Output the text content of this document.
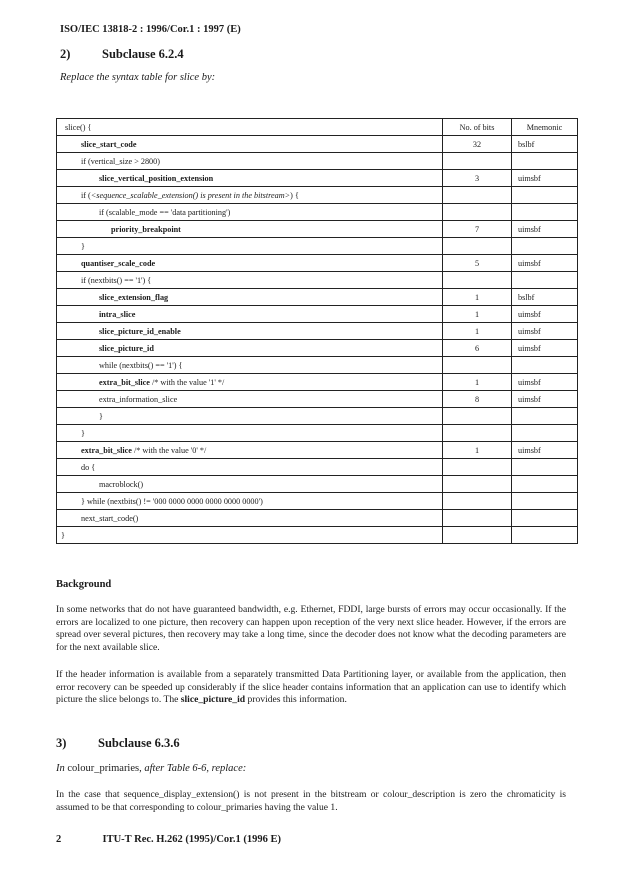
ISO/IEC 13818-2 : 1996/Cor.1 : 1997 (E)
2)	Subclause 6.2.4
Replace the syntax table for slice by:
slice() {	No. of bits	Mnemonic
slice_start_code	32	bslbf
if (vertical_size > 2800)		
slice_vertical_position_extension	3	uimsbf
if (<sequence_scalable_extension() is present in the bitstream>) {		
if (scalable_mode == 'data partitioning')		
priority_breakpoint	7	uimsbf
}		
quantiser_scale_code	5	uimsbf
if (nextbits() == '1') {		
slice_extension_flag	1	bslbf
intra_slice	1	uimsbf
slice_picture_id_enable	1	uimsbf
slice_picture_id	6	uimsbf
while (nextbits() == '1') {		
extra_bit_slice /* with the value '1' */	1	uimsbf
extra_information_slice	8	uimsbf
}		
}		
extra_bit_slice /* with the value '0' */	1	uimsbf
do {		
macroblock()		
} while (nextbits() != '000 0000 0000 0000 0000 0000')		
next_start_code()		
}		
Background
In some networks that do not have guaranteed bandwidth, e.g. Ethernet, FDDI, large bursts of errors may occur occasionally. If the errors are localized to one picture, then recovery can happen upon reception of the very next slice header. However, if the errors are spread over several pictures, then recovery may take a long time, since the decoder does not know what the decoding parameters are for the next available slice.
If the header information is available from a separately transmitted Data Partitioning layer, or available from the application, then error recovery can be speeded up considerably if the slice header contains information that an application can use to identify which picture the slice belongs to. The slice_picture_id provides this information.
3)	Subclause 6.3.6
In colour_primaries, after Table 6-6, replace:
In the case that sequence_display_extension() is not present in the bitstream or colour_description is zero the chromaticity is assumed to be that corresponding to colour_primaries having the value 1.
2	ITU-T Rec. H.262 (1995)/Cor.1 (1996 E)
